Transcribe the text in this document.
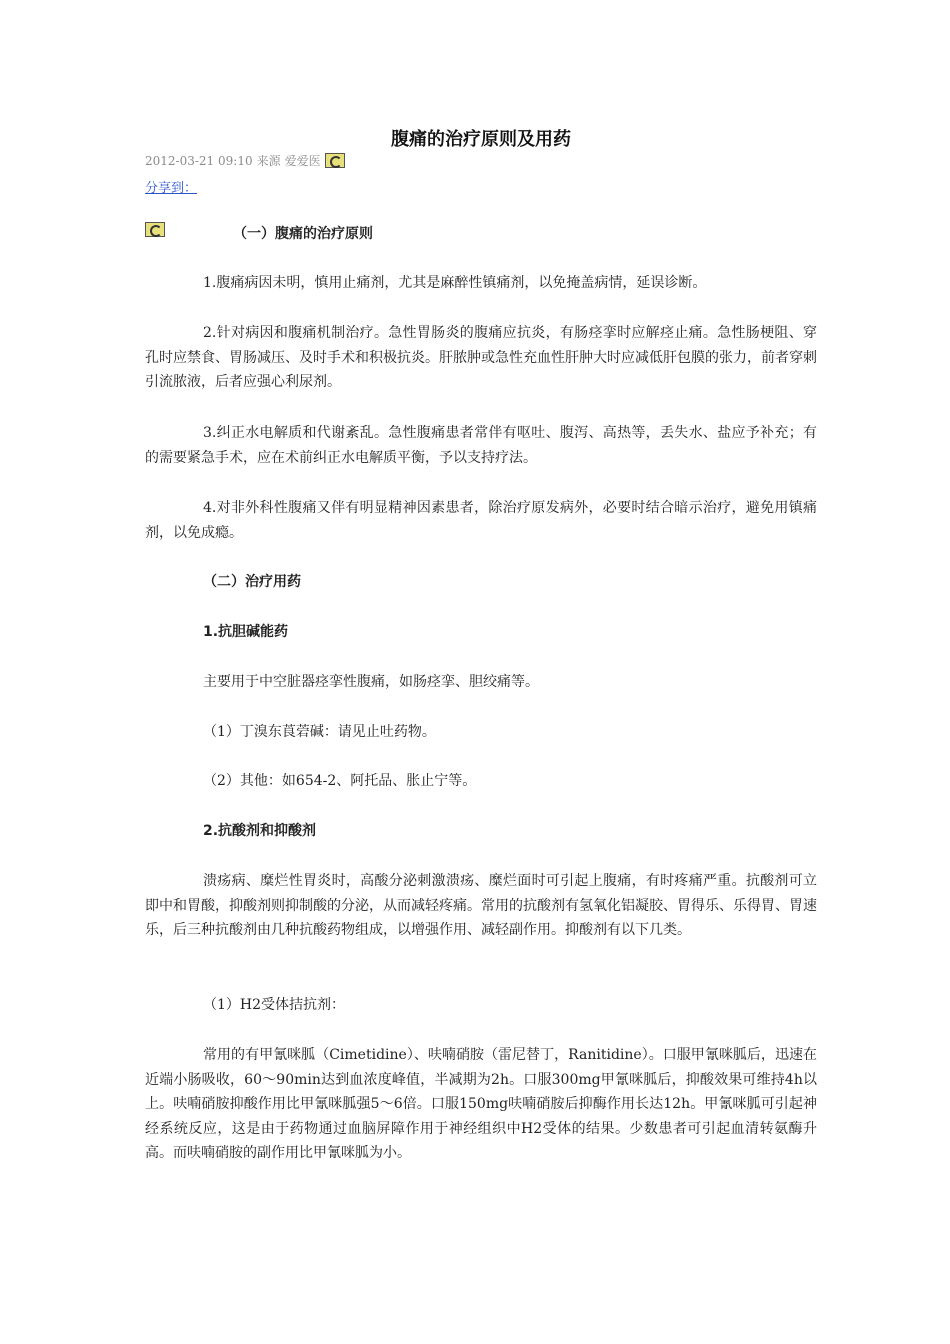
腹痛的治疗原则及用药
2012-03-21 09:10 来源 爱爱医
分享到：
（一）腹痛的治疗原则
1.腹痛病因未明，慎用止痛剂，尤其是麻醉性镇痛剂，以免掩盖病情，延误诊断。
2.针对病因和腹痛机制治疗。急性胃肠炎的腹痛应抗炎，有肠痉挛时应解痉止痛。急性肠梗阻、穿孔时应禁食、胃肠减压、及时手术和积极抗炎。肝脓肿或急性充血性肝肿大时应减低肝包膜的张力，前者穿刺引流脓液，后者应强心利尿剂。
3.纠正水电解质和代谢紊乱。急性腹痛患者常伴有呕吐、腹泻、高热等，丢失水、盐应予补充；有的需要紧急手术，应在术前纠正水电解质平衡，予以支持疗法。
4.对非外科性腹痛又伴有明显精神因素患者，除治疗原发病外，必要时结合暗示治疗，避免用镇痛剂，以免成瘾。
（二）治疗用药
1.抗胆碱能药
主要用于中空脏器痉挛性腹痛，如肠痉挛、胆绞痛等。
（1）丁溴东莨菪碱：请见止吐药物。
（2）其他：如654-2、阿托品、胀止宁等。
2.抗酸剂和抑酸剂
溃疡病、糜烂性胃炎时，高酸分泌刺激溃疡、糜烂面时可引起上腹痛，有时疼痛严重。抗酸剂可立即中和胃酸，抑酸剂则抑制酸的分泌，从而减轻疼痛。常用的抗酸剂有氢氧化铝凝胶、胃得乐、乐得胃、胃速乐，后三种抗酸剂由几种抗酸药物组成，以增强作用、减轻副作用。抑酸剂有以下几类。
（1）H2受体拮抗剂：
常用的有甲氰咪胍（Cimetidine）、呋喃硝胺（雷尼替丁，Ranitidine）。口服甲氰咪胍后，迅速在近端小肠吸收，60～90min达到血浓度峰值，半减期为2h。口服300mg甲氰咪胍后，抑酸效果可维持4h以上。呋喃硝胺抑酸作用比甲氰咪胍强5～6倍。口服150mg呋喃硝胺后抑酶作用长达12h。甲氰咪胍可引起神经系统反应，这是由于药物通过血脑屏障作用于神经组织中H2受体的结果。少数患者可引起血清转氨酶升高。而呋喃硝胺的副作用比甲氰咪胍为小。
